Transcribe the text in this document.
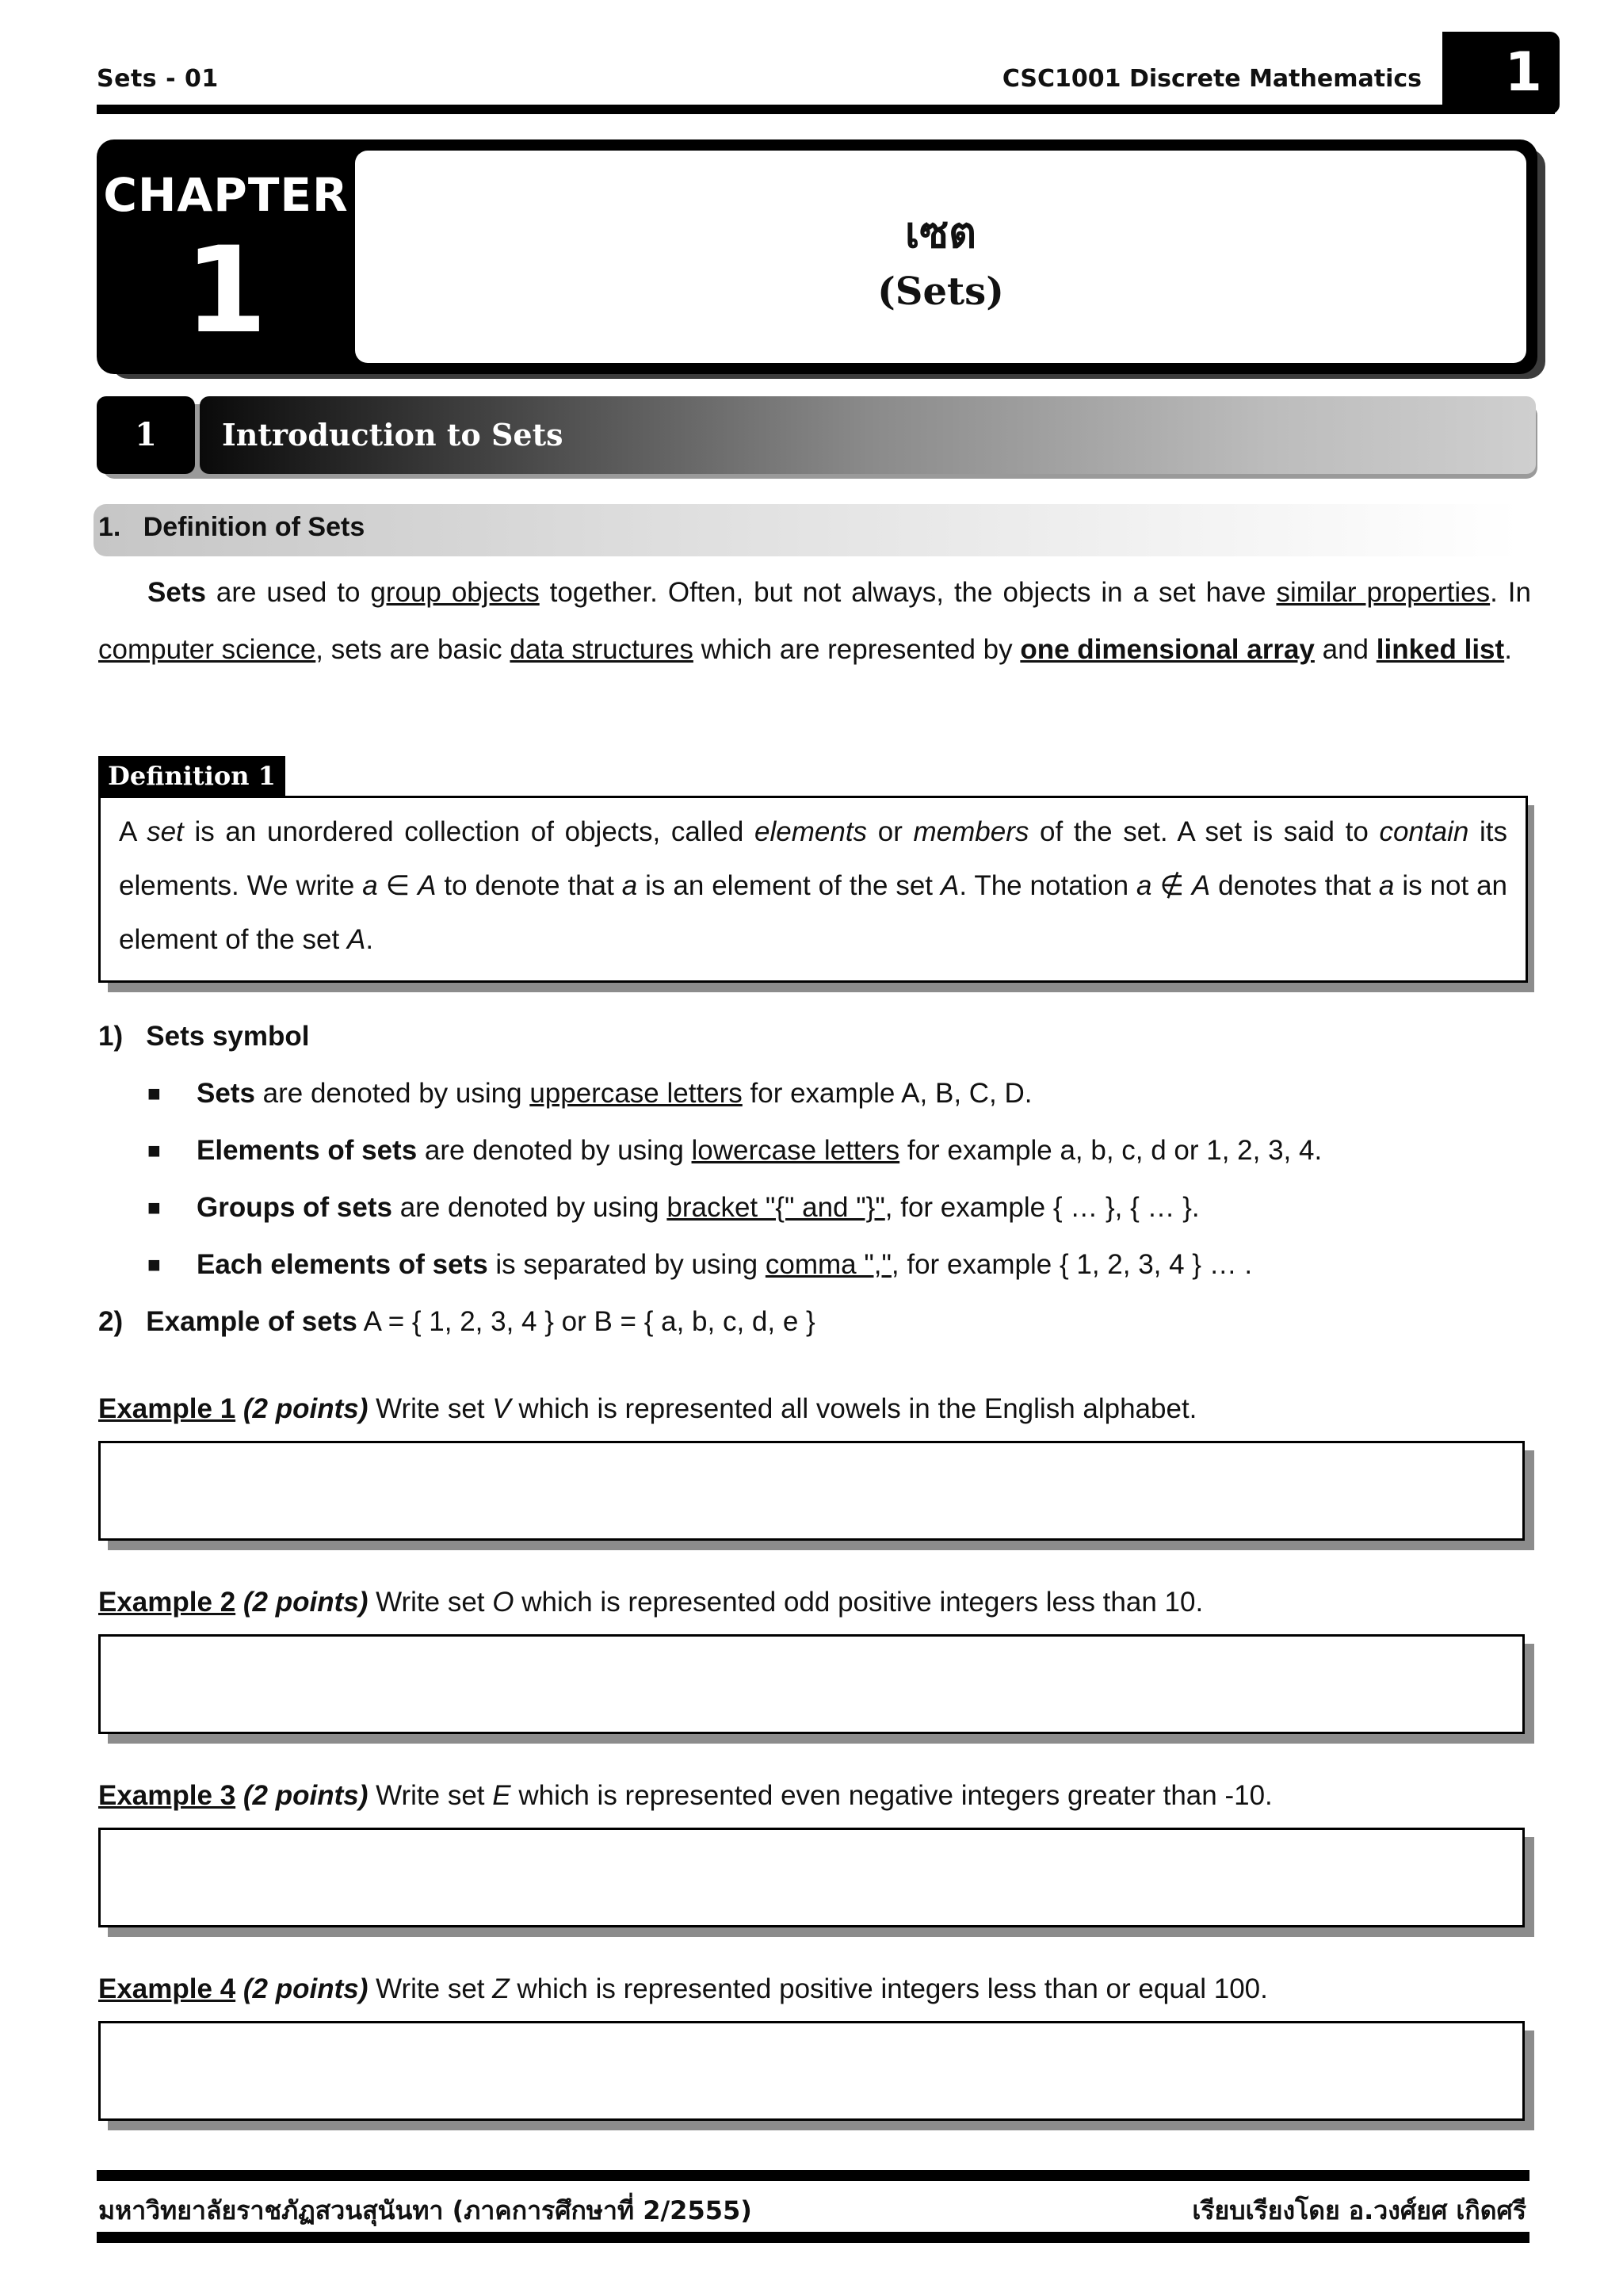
Sets - 01	CSC1001 Discrete Mathematics 1
CHAPTER
1	เซต
(Sets)
1	Introduction to Sets
1.   Definition of Sets
Sets are used to group objects together. Often, but not always, the objects in a set have similar properties. In computer science, sets are basic data structures which are represented by one dimensional array and linked list.
Definition 1
A set is an unordered collection of objects, called elements or members of the set. A set is said to contain its elements. We write a ∈ A to denote that a is an element of the set A. The notation a ∉ A denotes that a is not an element of the set A.
1)   Sets symbol
■ Sets are denoted by using uppercase letters for example A, B, C, D.
■ Elements of sets are denoted by using lowercase letters for example a, b, c, d or 1, 2, 3, 4.
■ Groups of sets are denoted by using bracket "{" and "}", for example { … }, { … }.
■ Each elements of sets is separated by using comma ",", for example { 1, 2, 3, 4 } … .
2)   Example of sets A = { 1, 2, 3, 4 } or B = { a, b, c, d, e }
Example 1 (2 points) Write set V which is represented all vowels in the English alphabet.
Example 2 (2 points) Write set O which is represented odd positive integers less than 10.
Example 3 (2 points) Write set E which is represented even negative integers greater than -10.
Example 4 (2 points) Write set Z which is represented positive integers less than or equal 100.
มหาวิทยาลัยราชภัฏสวนสุนันทา (ภาคการศึกษาที่ 2/2555)	เรียบเรียงโดย อ.วงศ์ยศ เกิดศรี
